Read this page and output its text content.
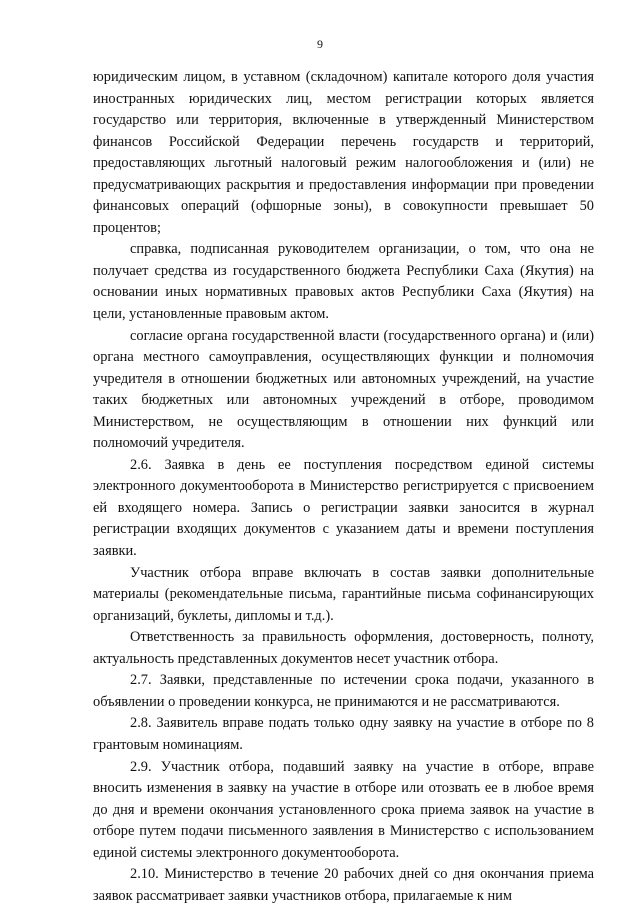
9

юридическим лицом, в уставном (складочном) капитале которого доля участия иностранных юридических лиц, местом регистрации которых является государство или территория, включенные в утвержденный Министерством финансов Российской Федерации перечень государств и территорий, предоставляющих льготный налоговый режим налогообложения и (или) не предусматривающих раскрытия и предоставления информации при проведении финансовых операций (офшорные зоны), в совокупности превышает 50 процентов;

справка, подписанная руководителем организации, о том, что она не получает средства из государственного бюджета Республики Саха (Якутия) на основании иных нормативных правовых актов Республики Саха (Якутия) на цели, установленные правовым актом.

согласие органа государственной власти (государственного органа) и (или) органа местного самоуправления, осуществляющих функции и полномочия учредителя в отношении бюджетных или автономных учреждений, на участие таких бюджетных или автономных учреждений в отборе, проводимом Министерством, не осуществляющим в отношении них функций или полномочий учредителя.

2.6. Заявка в день ее поступления посредством единой системы электронного документооборота в Министерство регистрируется с присвоением ей входящего номера. Запись о регистрации заявки заносится в журнал регистрации входящих документов с указанием даты и времени поступления заявки.

Участник отбора вправе включать в состав заявки дополнительные материалы (рекомендательные письма, гарантийные письма софинансирующих организаций, буклеты, дипломы и т.д.).

Ответственность за правильность оформления, достоверность, полноту, актуальность представленных документов несет участник отбора.

2.7. Заявки, представленные по истечении срока подачи, указанного в объявлении о проведении конкурса, не принимаются и не рассматриваются.

2.8. Заявитель вправе подать только одну заявку на участие в отборе по 8 грантовым номинациям.

2.9. Участник отбора, подавший заявку на участие в отборе, вправе вносить изменения в заявку на участие в отборе или отозвать ее в любое время до дня и времени окончания установленного срока приема заявок на участие в отборе путем подачи письменного заявления в Министерство с использованием единой системы электронного документооборота.

2.10. Министерство в течение 20 рабочих дней со дня окончания приема заявок рассматривает заявки участников отбора, прилагаемые к ним
